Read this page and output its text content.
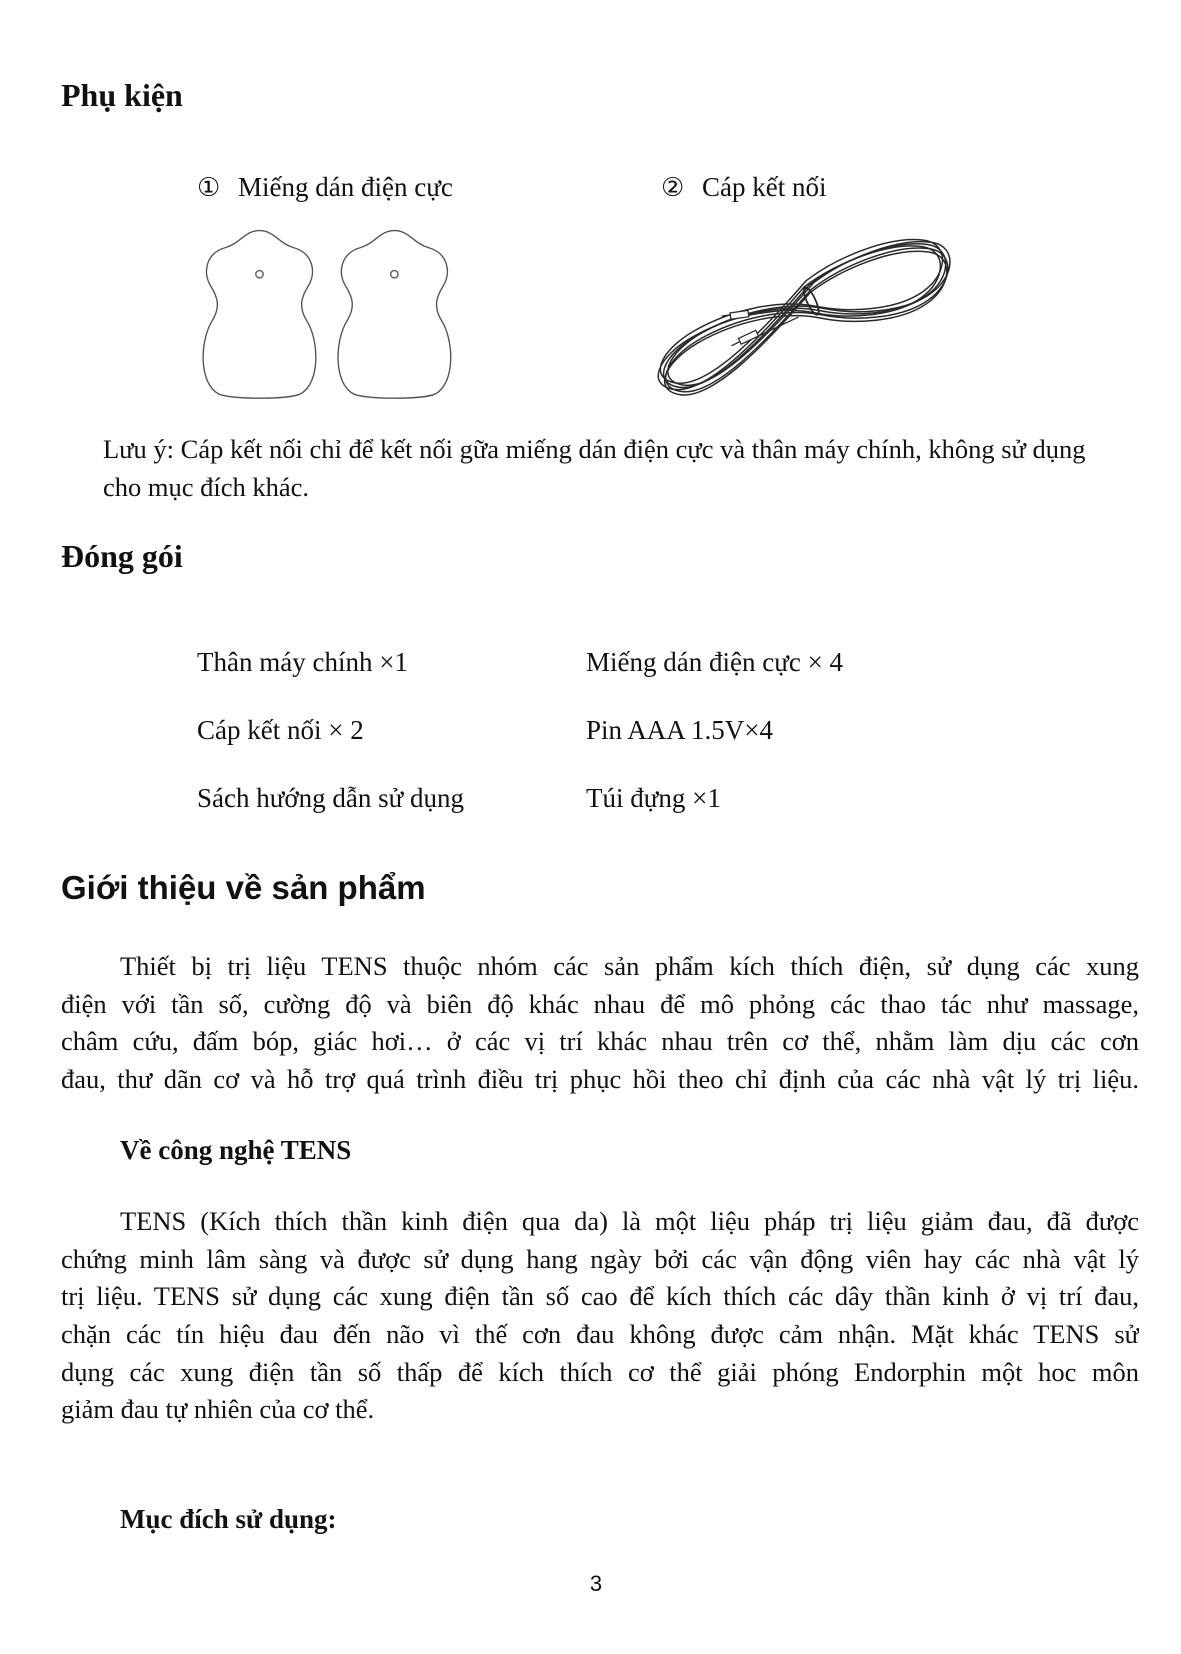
Phụ kiện
① Miếng dán điện cực	② Cáp kết nối
Lưu ý: Cáp kết nối chỉ để kết nối gữa miếng dán điện cực và thân máy chính, không sử dụng
cho mục đích khác.
Đóng gói
Thân máy chính ×1	Miếng dán điện cực × 4
Cáp kết nối × 2	Pin AAA 1.5V×4
Sách hướng dẫn sử dụng	Túi đựng ×1
Giới thiệu về sản phẩm
Thiết bị trị liệu TENS thuộc nhóm các sản phẩm kích thích điện, sử dụng các xung
điện với tần số, cường độ và biên độ khác nhau để mô phỏng các thao tác như massage,
châm cứu, đấm bóp, giác hơi… ở các vị trí khác nhau trên cơ thể, nhằm làm dịu các cơn
đau, thư dãn cơ và hỗ trợ quá trình điều trị phục hồi theo chỉ định của các nhà vật lý trị liệu.
Về công nghệ TENS
TENS (Kích thích thần kinh điện qua da) là một liệu pháp trị liệu giảm đau, đã được
chứng minh lâm sàng và được sử dụng hang ngày bởi các vận động viên hay các nhà vật lý
trị liệu. TENS sử dụng các xung điện tần số cao để kích thích các dây thần kinh ở vị trí đau,
chặn các tín hiệu đau đến não vì thế cơn đau không được cảm nhận. Mặt khác TENS sử
dụng các xung điện tần số thấp để kích thích cơ thể giải phóng Endorphin một hoc môn
giảm đau tự nhiên của cơ thể.
Mục đích sử dụng:
3
